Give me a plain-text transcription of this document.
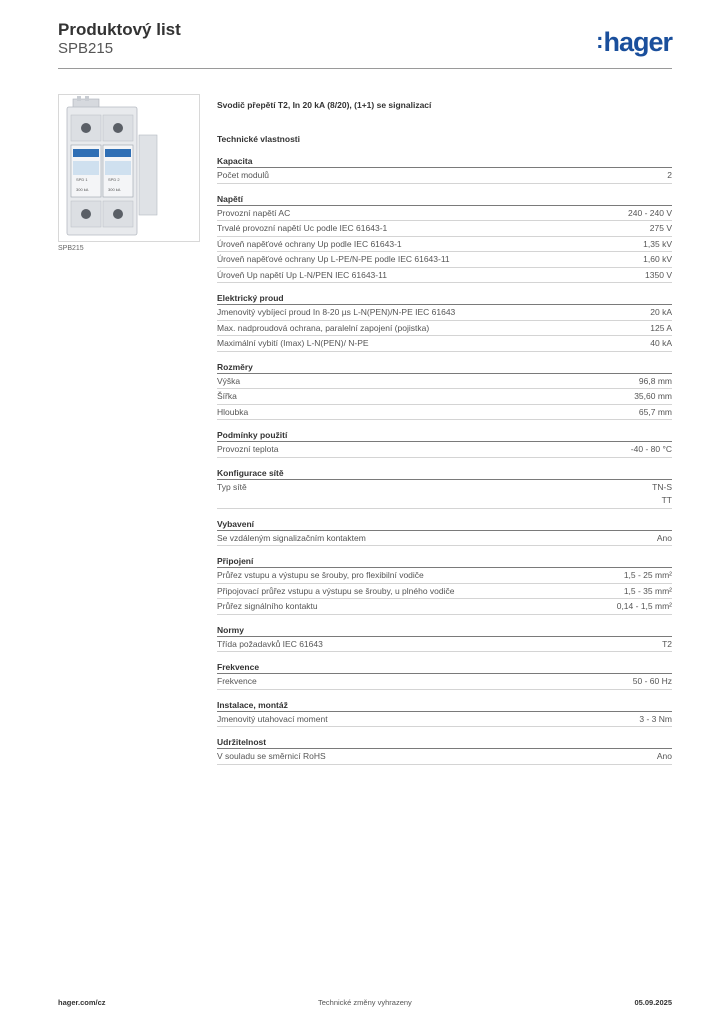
Produktový list
SPB215	:hager
SPD 1	SPD 2
300 kA	300 kA
SPB215
Svodič přepětí T2, In 20 kA (8/20), (1+1) se signalizací
Technické vlastnosti
Kapacita
Počet modulů	2
Napětí
Provozní napětí AC	240 - 240 V
Trvalé provozní napětí Uc podle IEC 61643-1	275 V
Úroveň napěťové ochrany Up podle IEC 61643-1	1,35 kV
Úroveň napěťové ochrany Up L-PE/N-PE podle IEC 61643-11	1,60 kV
Úroveň Up napětí Up L-N/PEN IEC 61643-11	1350 V
Elektrický proud
Jmenovitý vybíjecí proud In 8-20 µs L-N(PEN)/N-PE IEC 61643	20 kA
Max. nadproudová ochrana, paralelní zapojení (pojistka)	125 A
Maximální vybití (Imax) L-N(PEN)/ N-PE	40 kA
Rozměry
Výška	96,8 mm
Šířka	35,60 mm
Hloubka	65,7 mm
Podmínky použití
Provozní teplota	-40 - 80 °C
Konfigurace sítě
Typ sítě	TN-S
TT
Vybavení
Se vzdáleným signalizačním kontaktem	Ano
Připojení
Průřez vstupu a výstupu se šrouby, pro flexibilní vodiče	1,5 - 25 mm²
Připojovací průřez vstupu a výstupu se šrouby, u plného vodiče	1,5 - 35 mm²
Průřez signálního kontaktu	0,14 - 1,5 mm²
Normy
Třída požadavků IEC 61643	T2
Frekvence
Frekvence	50 - 60 Hz
Instalace, montáž
Jmenovitý utahovací moment	3 - 3 Nm
Udržitelnost
V souladu se směrnicí RoHS	Ano
hager.com/cz	Technické změny vyhrazeny	05.09.2025
